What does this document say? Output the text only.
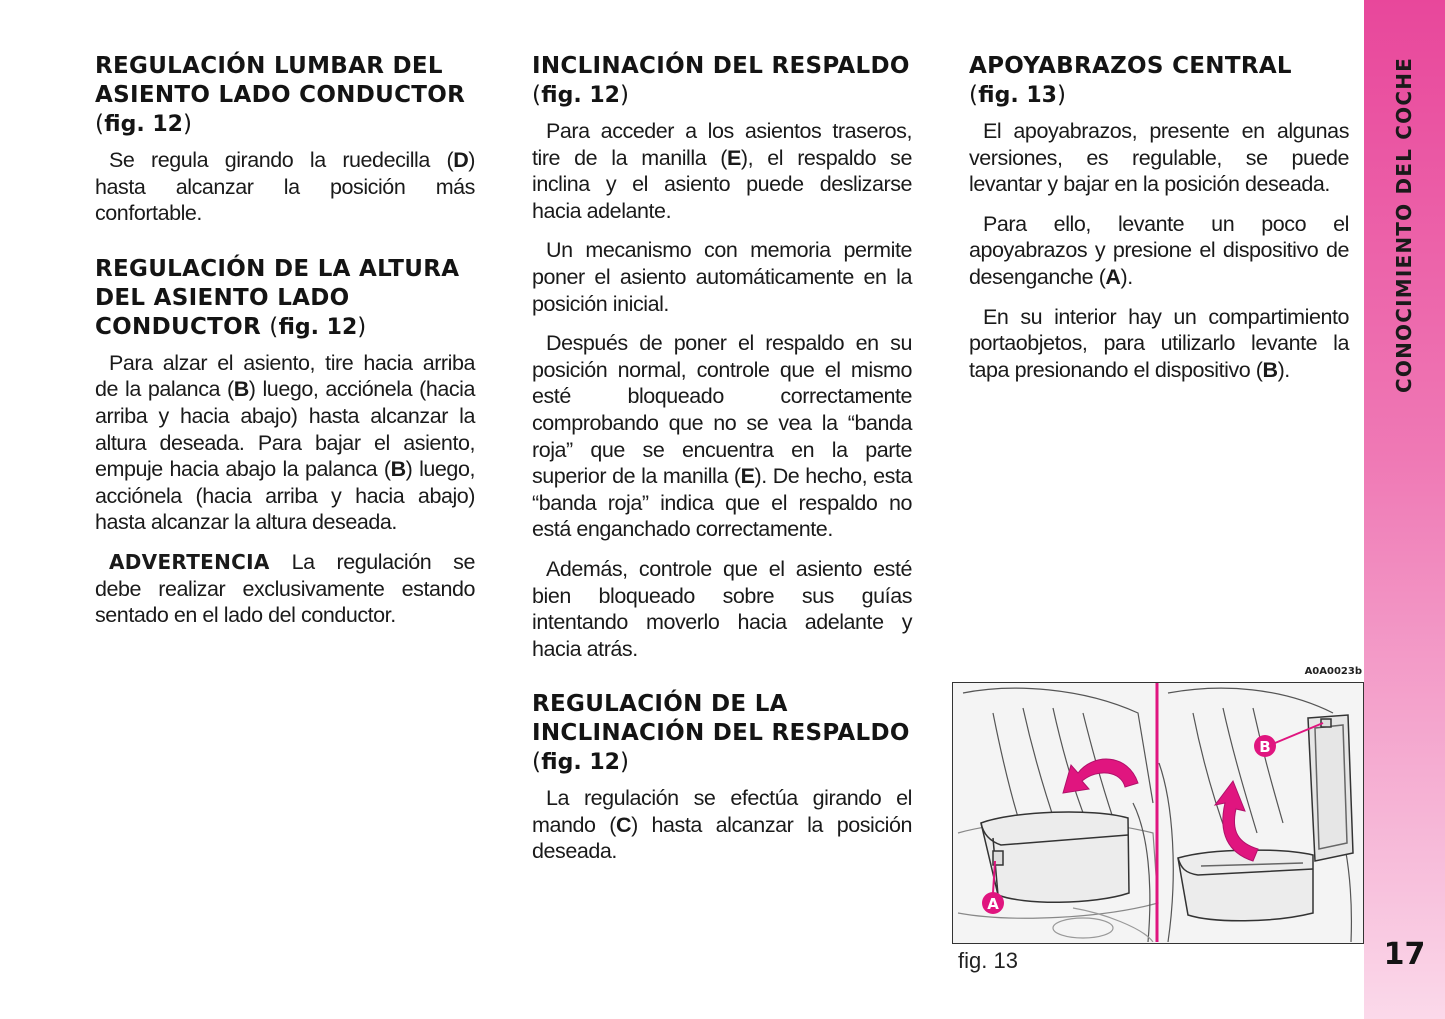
REGULACIÓN LUMBAR DEL
ASIENTO LADO CONDUCTOR
(fig. 12)

Se regula girando la ruedecilla (D) hasta alcanzar la posición más confortable.

REGULACIÓN DE LA ALTURA
DEL ASIENTO LADO
CONDUCTOR (fig. 12)

Para alzar el asiento, tire hacia arriba de la palanca (B) luego, acciónela (hacia arriba y hacia abajo) hasta alcanzar la altura deseada. Para bajar el asiento, empuje hacia abajo la palanca (B) luego, acciónela (hacia arriba y hacia abajo) hasta alcanzar la altura deseada.

ADVERTENCIA La regulación se debe realizar exclusivamente estando sentado en el lado del conductor.

INCLINACIÓN DEL RESPALDO
(fig. 12)

Para acceder a los asientos traseros, tire de la manilla (E), el respaldo se inclina y el asiento puede deslizarse hacia adelante.

Un mecanismo con memoria permite poner el asiento automáticamente en la posición inicial.

Después de poner el respaldo en su posición normal, controle que el mismo esté bloqueado correctamente comprobando que no se vea la “banda roja” que se encuentra en la parte superior de la manilla (E). De hecho, esta “banda roja” indica que el respaldo no está enganchado correctamente.

Además, controle que el asiento esté bien bloqueado sobre sus guías intentando moverlo hacia adelante y hacia atrás.

REGULACIÓN DE LA
INCLINACIÓN DEL RESPALDO
(fig. 12)

La regulación se efectúa girando el mando (C) hasta alcanzar la posición deseada.

APOYABRAZOS CENTRAL
(fig. 13)

El apoyabrazos, presente en algunas versiones, es regulable, se puede levantar y bajar en la posición deseada.

Para ello, levante un poco el apoyabrazos y presione el dispositivo de desenganche (A).

En su interior hay un compartimiento portaobjetos, para utilizarlo levante la tapa presionando el dispositivo (B).

A0A0023b
A
B
fig. 13
CONOCIMIENTO DEL COCHE
17
